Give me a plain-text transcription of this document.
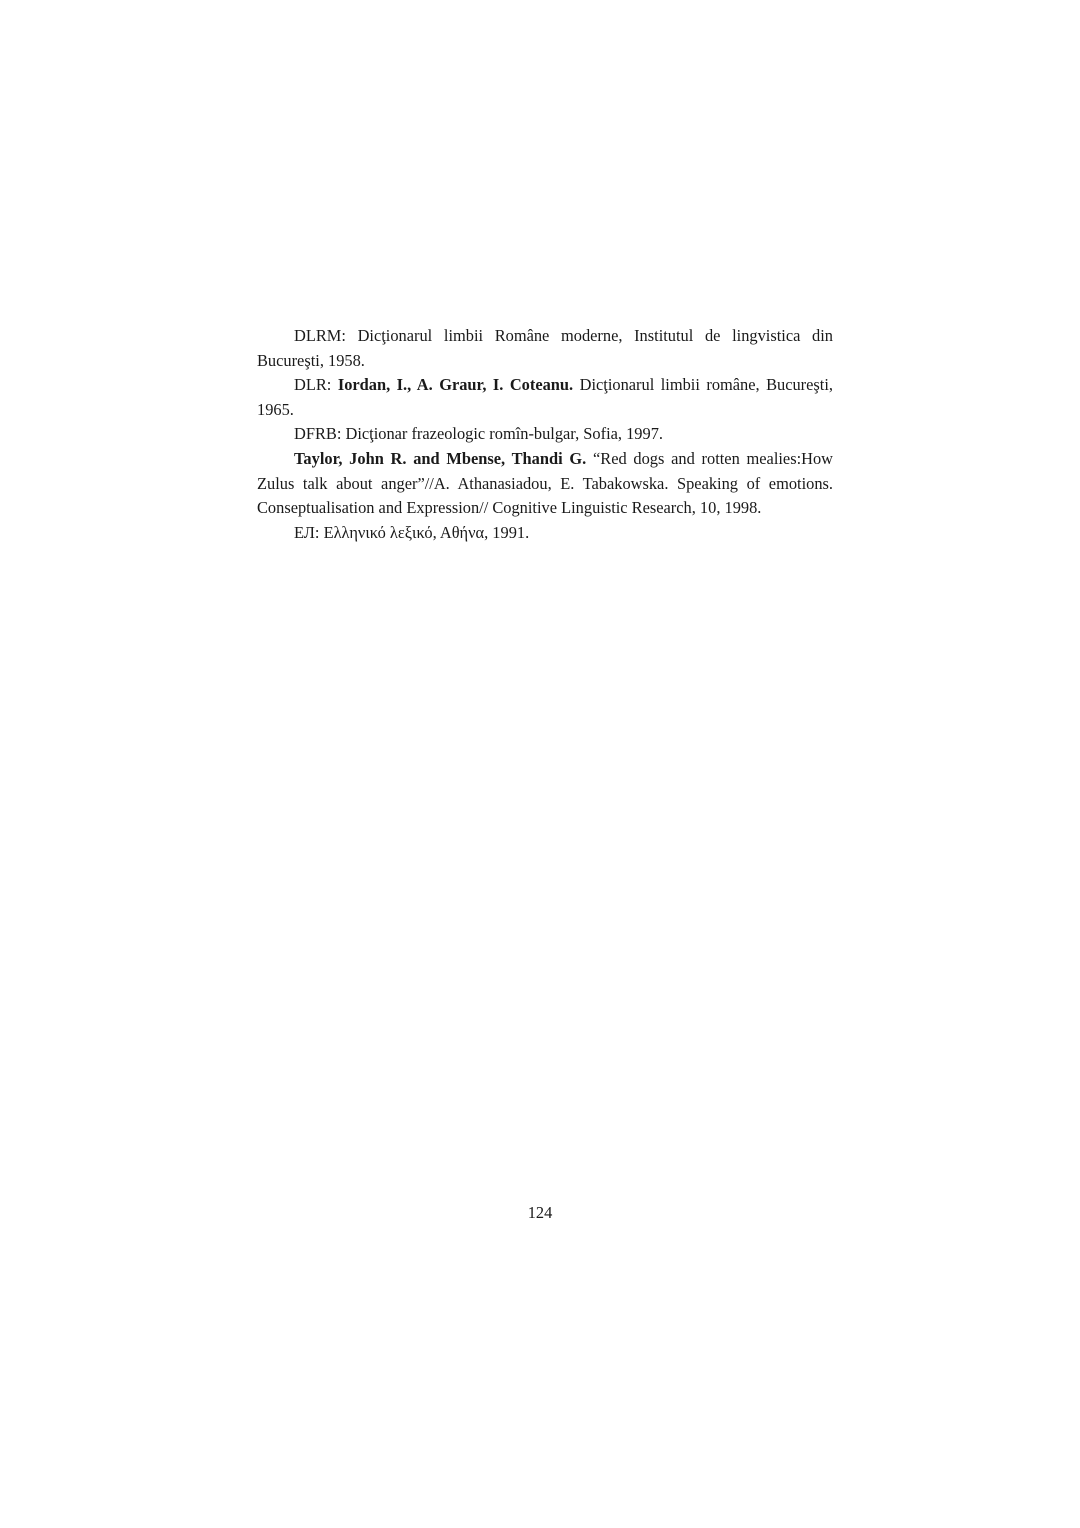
DLRM: Dicţionarul limbii Române moderne, Institutul de lingvistica din Bucureşti, 1958.

DLR: Iordan, I., A. Graur, I. Coteanu. Dicţionarul limbii române, Bucureşti, 1965.

DFRB: Dicţionar frazeologic romîn-bulgar, Sofia, 1997.

Taylor, John R. and Mbense, Thandi G. “Red dogs and rotten mealies:How Zulus talk about anger”//A. Athanasiadou, E. Tabakowska. Speaking of emotions. Conseptualisation and Expression// Cognitive Linguistic Research, 10, 1998.

ЕЛ: Ελληνικό λεξικό, Αθήνα, 1991.

124
